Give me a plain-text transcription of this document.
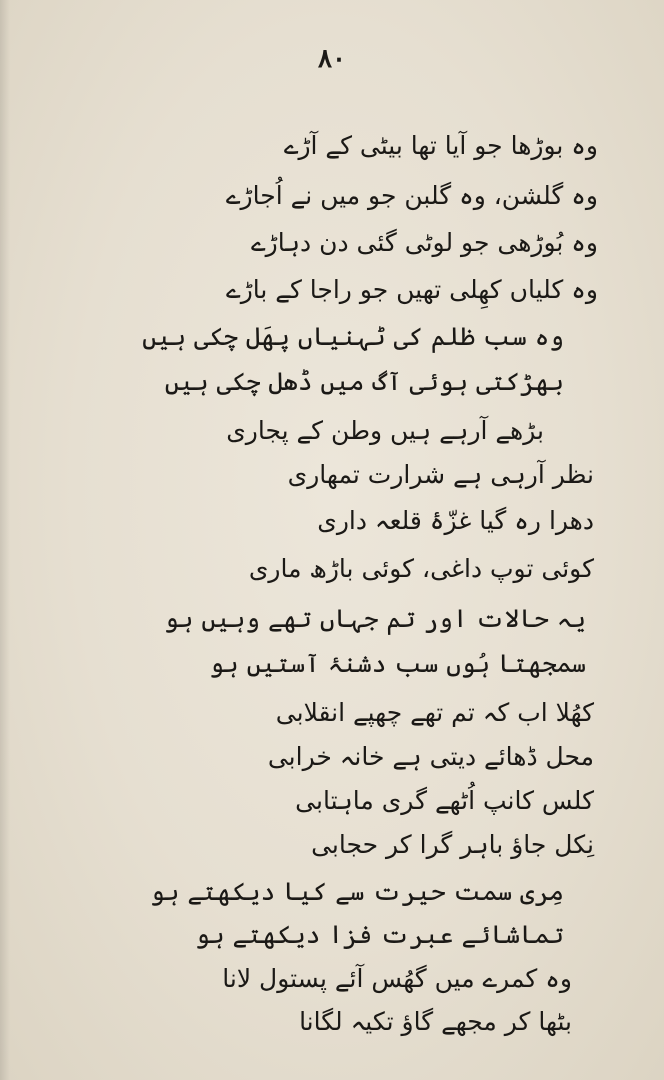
۸۰
وہ بوڑھا جو آیا تھا بیٹی کے آڑے
وہ گلشن، وہ گلبن جو میں نے اُجاڑے
وہ بُوڑھی جو لوٹی گئی دن دہاڑے
وہ کلیاں کھِلی تھیں جو راجا کے باڑے
وہ سب ظلم کی ٹہنیاں پھَل چکی ہیں
بھڑکتی ہوئی آگ میں ڈھل چکی ہیں
بڑھے آرہے ہیں وطن کے پجاری
نظر آرہی ہے شرارت تمھاری
دھرا رہ گیا غزّۂ قلعہ داری
کوئی توپ داغی، کوئی باڑھ ماری
یہ حالات اور تم جہاں تھے وہیں ہو
سمجھتا ہُوں سب دشنۂ آستیں ہو
کھُلا اب کہ تم تھے چھپے انقلابی
محل ڈھائے دیتی ہے خانہ خرابی
کلس کانپ اُٹھے گری ماہتابی
نِکل جاؤ باہر گرا کر حجابی
مِری سمت حیرت سے کیا دیکھتے ہو
تماشائے عبرت فزا دیکھتے ہو
وہ کمرے میں گھُس آئے پستول لانا
بٹھا کر مجھے گاؤ تکیہ لگانا
